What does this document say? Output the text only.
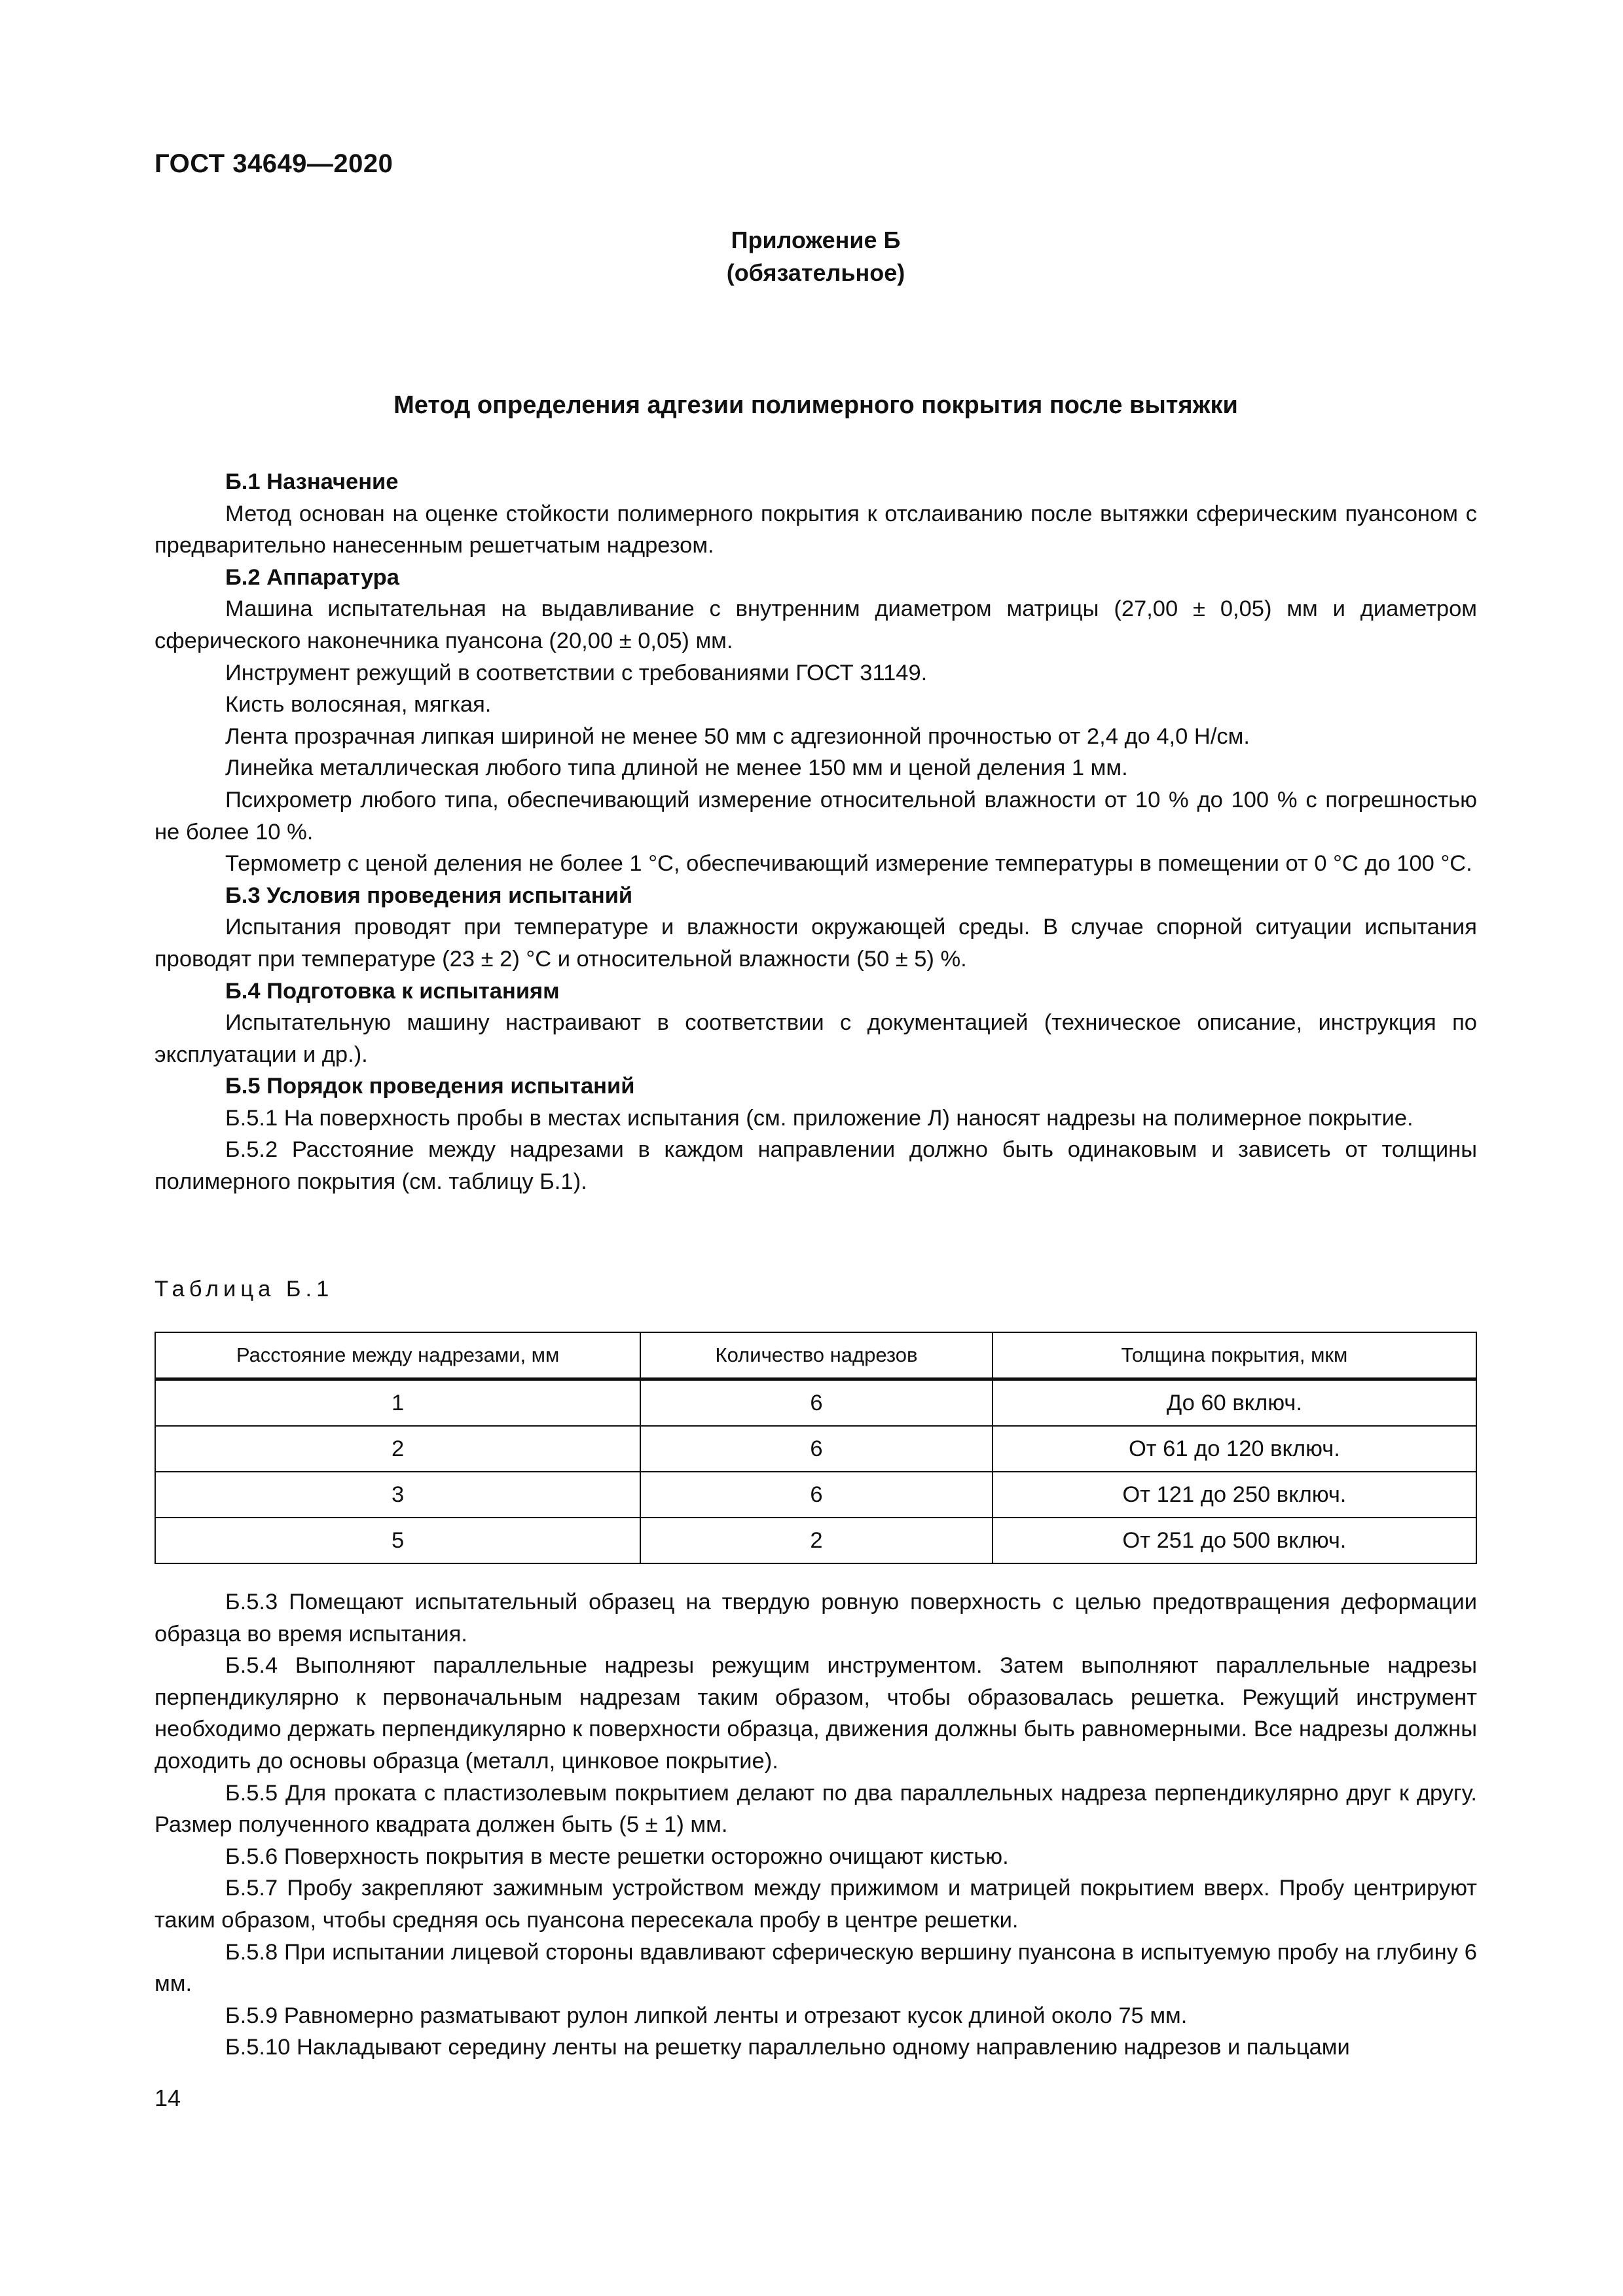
ГОСТ 34649—2020
Приложение Б
(обязательное)
Метод определения адгезии полимерного покрытия после вытяжки

Б.1 Назначение

Метод основан на оценке стойкости полимерного покрытия к отслаиванию после вытяжки сферическим пуансоном с предварительно нанесенным решетчатым надрезом.

Б.2 Аппаратура

Машина испытательная на выдавливание с внутренним диаметром матрицы (27,00 ± 0,05) мм и диаметром сферического наконечника пуансона (20,00 ± 0,05) мм.

Инструмент режущий в соответствии с требованиями ГОСТ 31149.

Кисть волосяная, мягкая.

Лента прозрачная липкая шириной не менее 50 мм с адгезионной прочностью от 2,4 до 4,0 Н/см.

Линейка металлическая любого типа длиной не менее 150 мм и ценой деления 1 мм.

Психрометр любого типа, обеспечивающий измерение относительной влажности от 10 % до 100 % с погрешностью не более 10 %.

Термометр с ценой деления не более 1 °С, обеспечивающий измерение температуры в помещении от 0 °С до 100 °С.

Б.3 Условия проведения испытаний

Испытания проводят при температуре и влажности окружающей среды. В случае спорной ситуации испытания проводят при температуре (23 ± 2) °С и относительной влажности (50 ± 5) %.

Б.4 Подготовка к испытаниям

Испытательную машину настраивают в соответствии с документацией (техническое описание, инструкция по эксплуатации и др.).

Б.5 Порядок проведения испытаний

Б.5.1 На поверхность пробы в местах испытания (см. приложение Л) наносят надрезы на полимерное покрытие.

Б.5.2 Расстояние между надрезами в каждом направлении должно быть одинаковым и зависеть от толщины полимерного покрытия (см. таблицу Б.1).

Таблица Б.1
Расстояние между надрезами, мм	Количество надрезов	Толщина покрытия, мкм
1	6	До 60 включ.
2	6	От 61 до 120 включ.
3	6	От 121 до 250 включ.
5	2	От 251 до 500 включ.

Б.5.3 Помещают испытательный образец на твердую ровную поверхность с целью предотвращения деформации образца во время испытания.

Б.5.4 Выполняют параллельные надрезы режущим инструментом. Затем выполняют параллельные надрезы перпендикулярно к первоначальным надрезам таким образом, чтобы образовалась решетка. Режущий инструмент необходимо держать перпендикулярно к поверхности образца, движения должны быть равномерными. Все надрезы должны доходить до основы образца (металл, цинковое покрытие).

Б.5.5 Для проката с пластизолевым покрытием делают по два параллельных надреза перпендикулярно друг к другу. Размер полученного квадрата должен быть (5 ± 1) мм.

Б.5.6 Поверхность покрытия в месте решетки осторожно очищают кистью.

Б.5.7 Пробу закрепляют зажимным устройством между прижимом и матрицей покрытием вверх. Пробу центрируют таким образом, чтобы средняя ось пуансона пересекала пробу в центре решетки.

Б.5.8 При испытании лицевой стороны вдавливают сферическую вершину пуансона в испытуемую пробу на глубину 6 мм.

Б.5.9 Равномерно разматывают рулон липкой ленты и отрезают кусок длиной около 75 мм.

Б.5.10 Накладывают середину ленты на решетку параллельно одному направлению надрезов и пальцами

14
